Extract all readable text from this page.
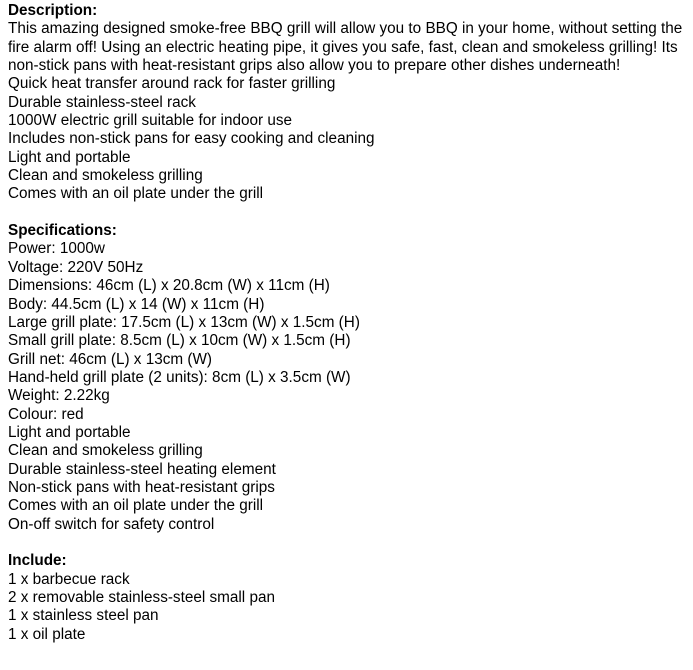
Description:
This amazing designed smoke-free BBQ grill will allow you to BBQ in your home, without setting the fire alarm off! Using an electric heating pipe, it gives you safe, fast, clean and smokeless grilling! Its non-stick pans with heat-resistant grips also allow you to prepare other dishes underneath!
Quick heat transfer around rack for faster grilling
Durable stainless-steel rack
1000W electric grill suitable for indoor use
Includes non-stick pans for easy cooking and cleaning
Light and portable
Clean and smokeless grilling
Comes with an oil plate under the grill
Specifications:
Power: 1000w
Voltage: 220V 50Hz
Dimensions: 46cm (L) x 20.8cm (W) x 11cm (H)
Body: 44.5cm (L) x 14 (W) x 11cm (H)
Large grill plate: 17.5cm (L) x 13cm (W) x 1.5cm (H)
Small grill plate: 8.5cm (L) x 10cm (W) x 1.5cm (H)
Grill net: 46cm (L) x 13cm (W)
Hand-held grill plate (2 units): 8cm (L) x 3.5cm (W)
Weight: 2.22kg
Colour: red
Light and portable
Clean and smokeless grilling
Durable stainless-steel heating element
Non-stick pans with heat-resistant grips
Comes with an oil plate under the grill
On-off switch for safety control
Include:
1 x barbecue rack
2 x removable stainless-steel small pan
1 x stainless steel pan
1 x oil plate
